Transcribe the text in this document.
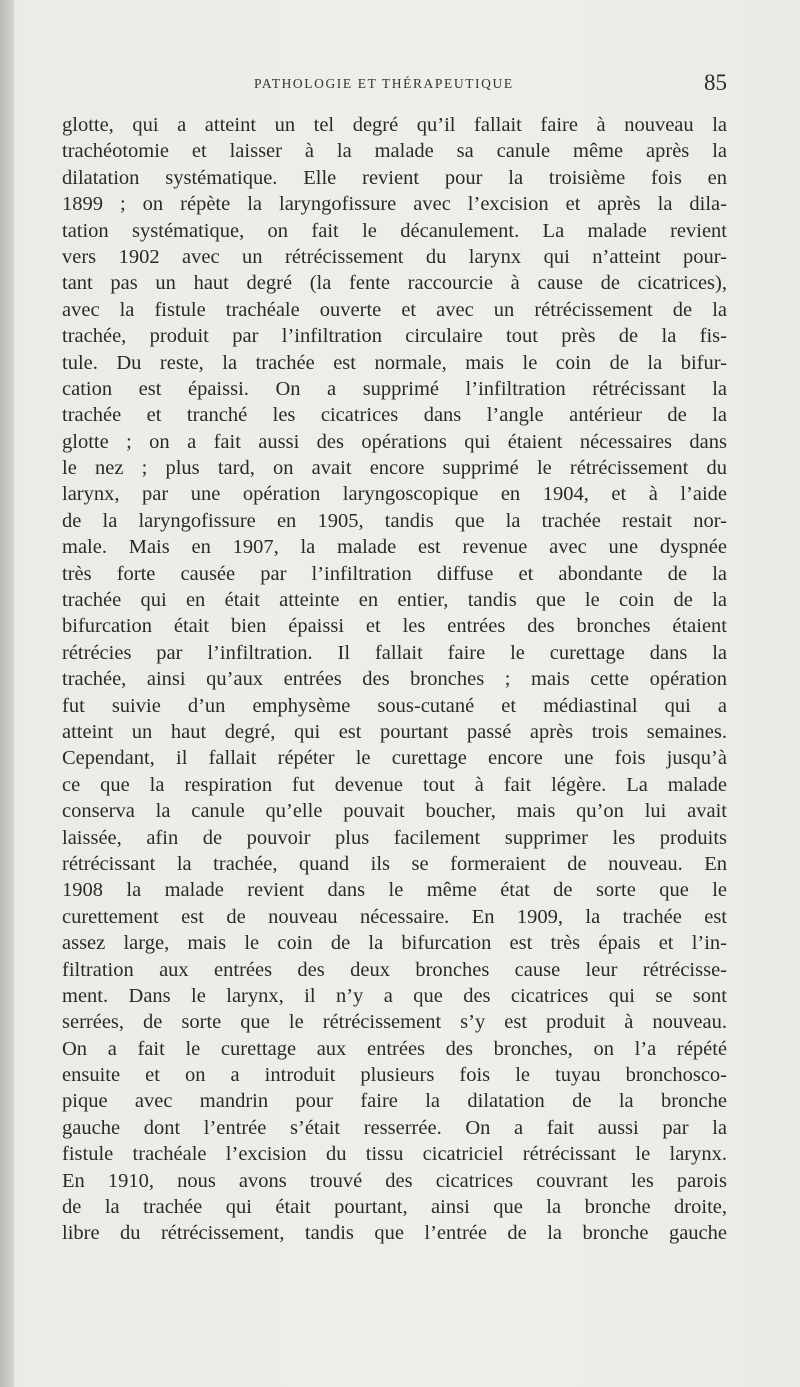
PATHOLOGIE ET THÉRAPEUTIQUE	85
glotte, qui a atteint un tel degré qu’il fallait faire à nouveau la
trachéotomie et laisser à la malade sa canule même après la
dilatation systématique. Elle revient pour la troisième fois en
1899 ; on répète la laryngofissure avec l’excision et après la dila-
tation systématique, on fait le décanulement. La malade revient
vers 1902 avec un rétrécissement du larynx qui n’atteint pour-
tant pas un haut degré (la fente raccourcie à cause de cicatrices),
avec la fistule trachéale ouverte et avec un rétrécissement de la
trachée, produit par l’infiltration circulaire tout près de la fis-
tule. Du reste, la trachée est normale, mais le coin de la bifur-
cation est épaissi. On a supprimé l’infiltration rétrécissant la
trachée et tranché les cicatrices dans l’angle antérieur de la
glotte ; on a fait aussi des opérations qui étaient nécessaires dans
le nez ; plus tard, on avait encore supprimé le rétrécissement du
larynx, par une opération laryngoscopique en 1904, et à l’aide
de la laryngofissure en 1905, tandis que la trachée restait nor-
male. Mais en 1907, la malade est revenue avec une dyspnée
très forte causée par l’infiltration diffuse et abondante de la
trachée qui en était atteinte en entier, tandis que le coin de la
bifurcation était bien épaissi et les entrées des bronches étaient
rétrécies par l’infiltration. Il fallait faire le curettage dans la
trachée, ainsi qu’aux entrées des bronches ; mais cette opération
fut suivie d’un emphysème sous-cutané et médiastinal qui a
atteint un haut degré, qui est pourtant passé après trois semaines.
Cependant, il fallait répéter le curettage encore une fois jusqu’à
ce que la respiration fut devenue tout à fait légère. La malade
conserva la canule qu’elle pouvait boucher, mais qu’on lui avait
laissée, afin de pouvoir plus facilement supprimer les produits
rétrécissant la trachée, quand ils se formeraient de nouveau. En
1908 la malade revient dans le même état de sorte que le
curettement est de nouveau nécessaire. En 1909, la trachée est
assez large, mais le coin de la bifurcation est très épais et l’in-
filtration aux entrées des deux bronches cause leur rétrécisse-
ment. Dans le larynx, il n’y a que des cicatrices qui se sont
serrées, de sorte que le rétrécissement s’y est produit à nouveau.
On a fait le curettage aux entrées des bronches, on l’a répété
ensuite et on a introduit plusieurs fois le tuyau bronchosco-
pique avec mandrin pour faire la dilatation de la bronche
gauche dont l’entrée s’était resserrée. On a fait aussi par la
fistule trachéale l’excision du tissu cicatriciel rétrécissant le larynx.
En 1910, nous avons trouvé des cicatrices couvrant les parois
de la trachée qui était pourtant, ainsi que la bronche droite,
libre du rétrécissement, tandis que l’entrée de la bronche gauche
